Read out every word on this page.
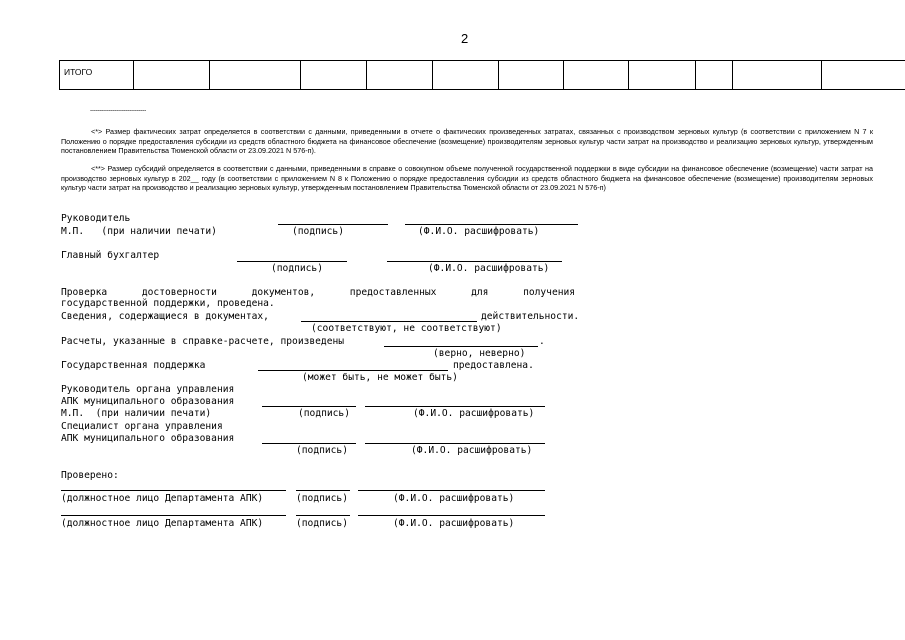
2
ИТОГО											
------------------------------
<*> Размер фактических затрат определяется в соответствии с данными, приведенными в отчете о фактических произведенных затратах, связанных с производством зерновых культур (в соответствии с приложением N 7 к Положению о порядке предоставления субсидии из средств областного бюджета на финансовое обеспечение (возмещение) производителям зерновых культур части затрат на производство и реализацию зерновых культур, утвержденным постановлением Правительства Тюменской области от 23.09.2021 N 576-п).
<**> Размер субсидий определяется в соответствии с данными, приведенными в справке о совокупном объеме полученной государственной поддержки в виде субсидии на финансовое обеспечение (возмещение) части затрат на производство зерновых культур в 202__ году (в соответствии с приложением N 8 к Положению о порядке предоставления субсидии из средств областного бюджета на финансовое обеспечение (возмещение) производителям зерновых культур части затрат на производство и реализацию зерновых культур, утвержденным постановлением Правительства Тюменской области от 23.09.2021 N 576-п)
Руководитель
М.П.   (при наличии печати)	(подпись)	(Ф.И.О. расшифровать)
Главный бухгалтер
(подпись)	(Ф.И.О. расшифровать)
Проверка      достоверности      документов,      предоставленных      для      получения
государственной поддержки, проведена.
Сведения, содержащиеся в документах,	действительности.
(соответствуют, не соответствуют)
Расчеты, указанные в справке-расчете, произведены	.
(верно, неверно)
Государственная поддержка	предоставлена.
(может быть, не может быть)
Руководитель органа управления
АПК муниципального образования
М.П.  (при наличии печати)	(подпись)	(Ф.И.О. расшифровать)
Специалист органа управления
АПК муниципального образования
(подпись)	(Ф.И.О. расшифровать)
Проверено:
(должностное лицо Департамента АПК)	(подпись)	(Ф.И.О. расшифровать)
(должностное лицо Департамента АПК)	(подпись)	(Ф.И.О. расшифровать)
